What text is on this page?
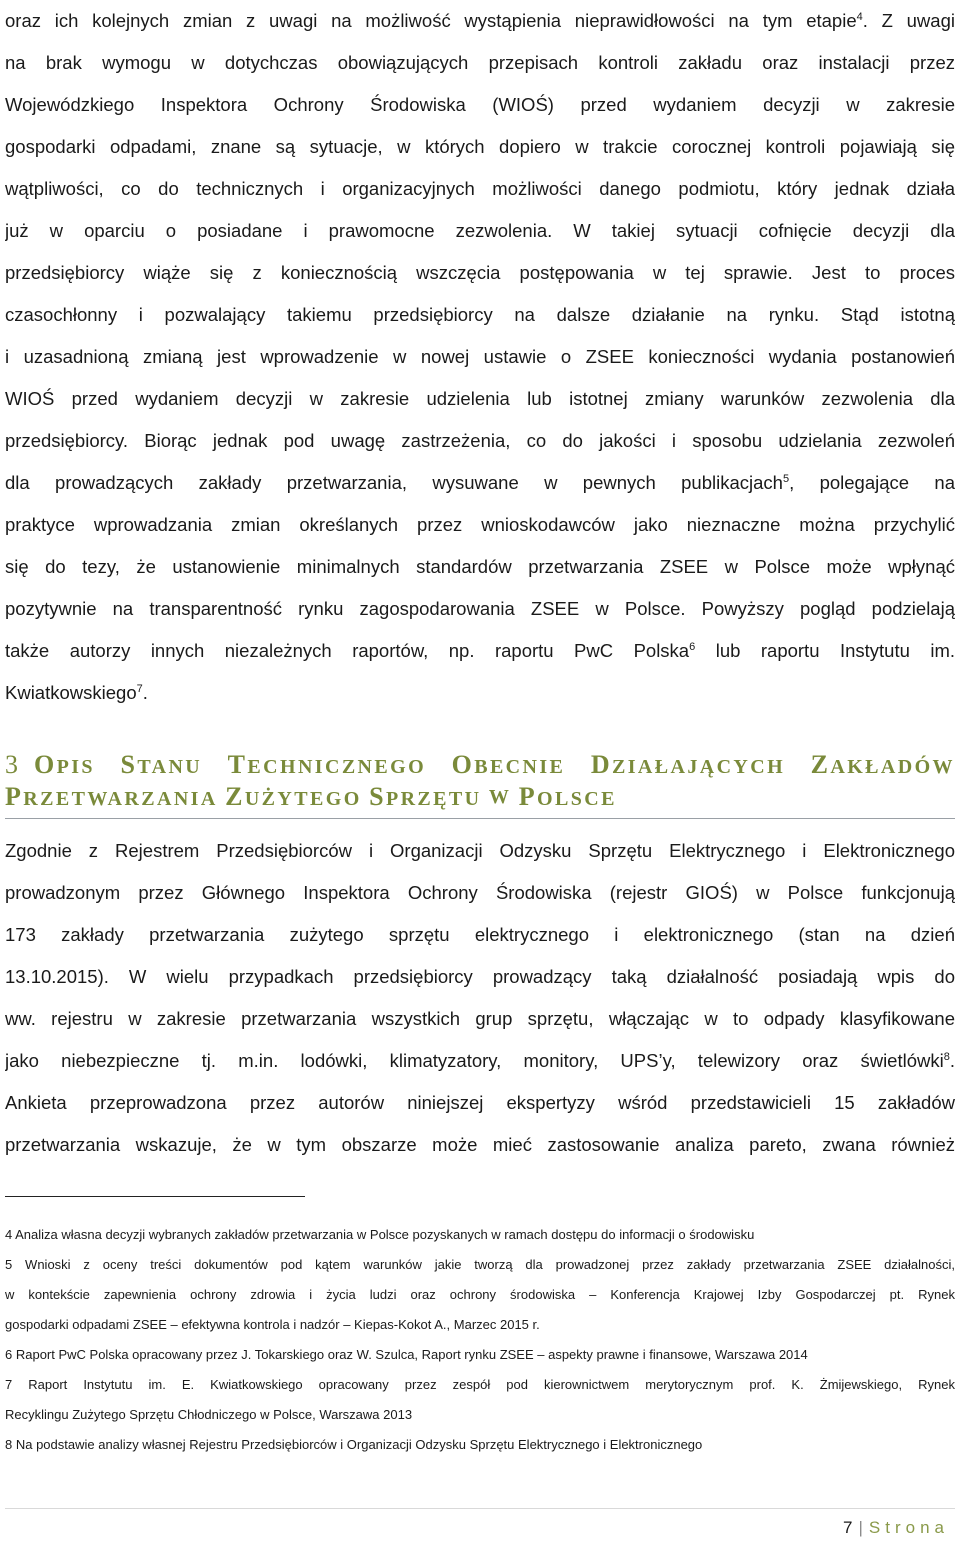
oraz ich kolejnych zmian z uwagi na możliwość wystąpienia nieprawidłowości na tym etapie$^4$. Z uwagi
na brak wymogu w dotychczas obowiązujących przepisach kontroli zakładu oraz instalacji przez
Wojewódzkiego Inspektora Ochrony Środowiska (WIOŚ) przed wydaniem decyzji w zakresie
gospodarki odpadami, znane są sytuacje, w których dopiero w trakcie corocznej kontroli pojawiają się
wątpliwości, co do technicznych i organizacyjnych możliwości danego podmiotu, który jednak działa
już w oparciu o posiadane i prawomocne zezwolenia. W takiej sytuacji cofnięcie decyzji dla
przedsiębiorcy wiąże się z koniecznością wszczęcia postępowania w tej sprawie. Jest to proces
czasochłonny i pozwalający takiemu przedsiębiorcy na dalsze działanie na rynku. Stąd istotną
i uzasadnioną zmianą jest wprowadzenie w nowej ustawie o ZSEE konieczności wydania postanowień
WIOŚ przed wydaniem decyzji w zakresie udzielenia lub istotnej zmiany warunków zezwolenia dla
przedsiębiorcy. Biorąc jednak pod uwagę zastrzeżenia, co do jakości i sposobu udzielania zezwoleń
dla prowadzących zakłady przetwarzania, wysuwane w pewnych publikacjach$^5$, polegające na
praktyce wprowadzania zmian określanych przez wnioskodawców jako nieznaczne można przychylić
się do tezy, że ustanowienie minimalnych standardów przetwarzania ZSEE w Polsce może wpłynąć
pozytywnie na transparentność rynku zagospodarowania ZSEE w Polsce. Powyższy pogląd podzielają
także autorzy innych niezależnych raportów, np. raportu PwC Polska$^6$ lub raportu Instytutu im.
Kwiatkowskiego$^7$.
3 OPIS STANU TECHNICZNEGO OBECNIE DZIAŁAJĄCYCH ZAKŁADÓW
PRZETWARZANIA
ZUŻYTEGO
SPRZĘTU
W
POLSCE
Zgodnie z Rejestrem Przedsiębiorców i Organizacji Odzysku Sprzętu Elektrycznego i Elektronicznego
prowadzonym przez Głównego Inspektora Ochrony Środowiska (rejestr GIOŚ) w Polsce funkcjonują
173 zakłady przetwarzania zużytego sprzętu elektrycznego i elektronicznego (stan na dzień
13.10.2015). W wielu przypadkach przedsiębiorcy prowadzący taką działalność posiadają wpis do
ww. rejestru w zakresie przetwarzania wszystkich grup sprzętu, włączając w to odpady klasyfikowane
jako niebezpieczne tj. m.in. lodówki, klimatyzatory, monitory, UPS’y, telewizory oraz świetlówki$^8$.
Ankieta przeprowadzona przez autorów niniejszej ekspertyzy wśród przedstawicieli 15 zakładów
przetwarzania wskazuje, że w tym obszarze może mieć zastosowanie analiza pareto, zwana również
4 Analiza własna decyzji wybranych zakładów przetwarzania w Polsce pozyskanych w ramach dostępu do informacji o środowisku
5 Wnioski z oceny treści dokumentów pod kątem warunków jakie tworzą dla prowadzonej przez zakłady przetwarzania ZSEE działalności,
w kontekście zapewnienia ochrony zdrowia i życia ludzi oraz ochrony środowiska – Konferencja Krajowej Izby Gospodarczej pt. Rynek
gospodarki odpadami ZSEE – efektywna kontrola i nadzór – Kiepas-Kokot A., Marzec 2015 r.
6 Raport PwC Polska opracowany przez J. Tokarskiego oraz W. Szulca, Raport rynku ZSEE – aspekty prawne i finansowe, Warszawa 2014
7 Raport Instytutu im. E. Kwiatkowskiego opracowany przez zespół pod kierownictwem merytorycznym prof. K. Żmijewskiego, Rynek
Recyklingu Zużytego Sprzętu Chłodniczego w Polsce, Warszawa 2013
8 Na podstawie analizy własnej Rejestru Przedsiębiorców i Organizacji Odzysku Sprzętu Elektrycznego i Elektronicznego
7 | Strona
